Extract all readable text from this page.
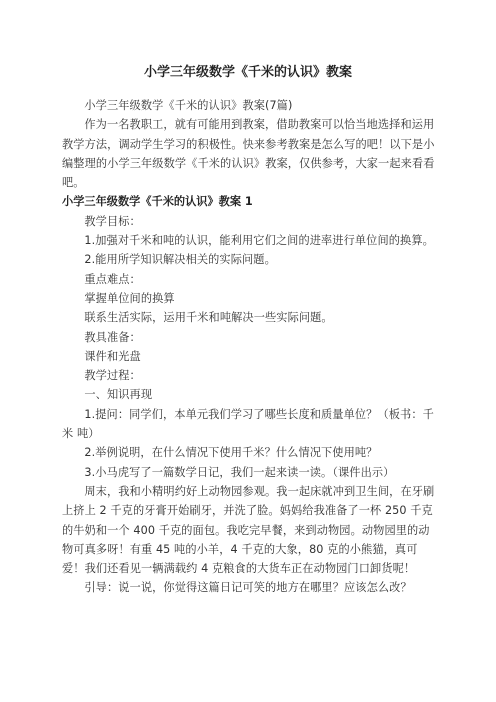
小学三年级数学《千米的认识》教案

小学三年级数学《千米的认识》教案(7篇)

作为一名教职工，就有可能用到教案，借助教案可以恰当地选择和运用教学方法，调动学生学习的积极性。快来参考教案是怎么写的吧！以下是小编整理的小学三年级数学《千米的认识》教案，仅供参考，大家一起来看看吧。

小学三年级数学《千米的认识》教案 1

教学目标：

1.加强对千米和吨的认识，能利用它们之间的进率进行单位间的换算。

2.能用所学知识解决相关的实际问题。

重点难点：

掌握单位间的换算

联系生活实际，运用千米和吨解决一些实际问题。

教具准备：

课件和光盘

教学过程：

一、知识再现

1.提问：同学们，本单元我们学习了哪些长度和质量单位？（板书：千米 吨）

2.举例说明，在什么情况下使用千米？什么情况下使用吨？

3.小马虎写了一篇数学日记，我们一起来读一读。（课件出示）

周末，我和小精明约好上动物园参观。我一起床就冲到卫生间，在牙刷上挤上 2 千克的牙膏开始刷牙，并洗了脸。妈妈给我准备了一杯 250 千克的牛奶和一个 400 千克的面包。我吃完早餐，来到动物园。动物园里的动物可真多呀！有重 45 吨的小羊，4 千克的大象，80 克的小熊猫，真可爱！我们还看见一辆满载约 4 克粮食的大货车正在动物园门口卸货呢！

引导：说一说，你觉得这篇日记可笑的地方在哪里？应该怎么改？
